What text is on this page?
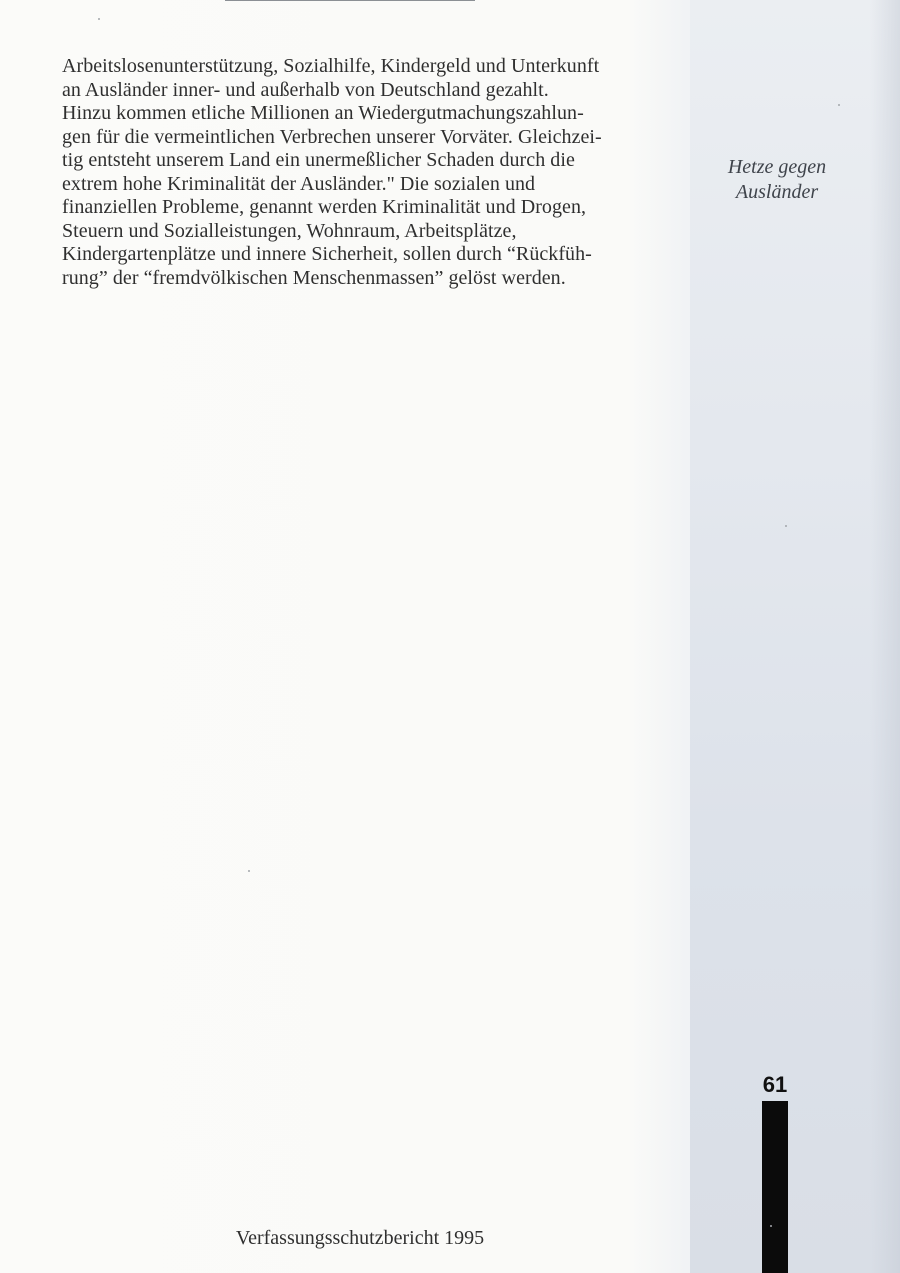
Arbeitslosenunterstützung, Sozialhilfe, Kindergeld und Unterkunft
an Ausländer inner- und außerhalb von Deutschland gezahlt.
Hinzu kommen etliche Millionen an Wiedergutmachungszahlun-
gen für die vermeintlichen Verbrechen unserer Vorväter. Gleichzei-
tig entsteht unserem Land ein unermeßlicher Schaden durch die
extrem hohe Kriminalität der Ausländer." Die sozialen und
finanziellen Probleme, genannt werden Kriminalität und Drogen,
Steuern und Sozialleistungen, Wohnraum, Arbeitsplätze,
Kindergartenplätze und innere Sicherheit, sollen durch “Rückfüh-
rung” der “fremdvölkischen Menschenmassen” gelöst werden.
Hetze gegen
Ausländer
61
Verfassungsschutzbericht 1995
